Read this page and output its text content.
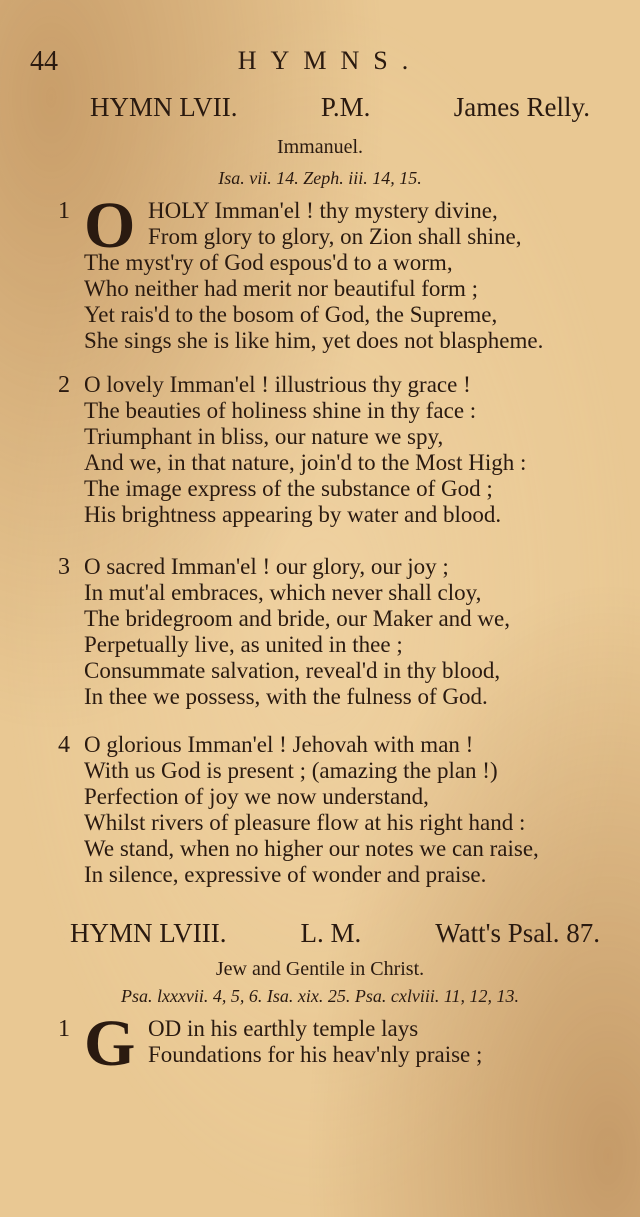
44	HYMNS.
HYMN LVII.	P.M.	James Relly.
Immanuel.
Isa. vii. 14. Zeph. iii. 14, 15.
1 O HOLY Imman'el ! thy mystery divine,
From glory to glory, on Zion shall shine,
The myst'ry of God espous'd to a worm,
Who neither had merit nor beautiful form ;
Yet rais'd to the bosom of God, the Supreme,
She sings she is like him, yet does not blaspheme.
2 O lovely Imman'el ! illustrious thy grace !
The beauties of holiness shine in thy face :
Triumphant in bliss, our nature we spy,
And we, in that nature, join'd to the Most High :
The image express of the substance of God ;
His brightness appearing by water and blood.
3 O sacred Imman'el ! our glory, our joy ;
In mut'al embraces, which never shall cloy,
The bridegroom and bride, our Maker and we,
Perpetually live, as united in thee ;
Consummate salvation, reveal'd in thy blood,
In thee we possess, with the fulness of God.
4 O glorious Imman'el ! Jehovah with man !
With us God is present ; (amazing the plan !)
Perfection of joy we now understand,
Whilst rivers of pleasure flow at his right hand :
We stand, when no higher our notes we can raise,
In silence, expressive of wonder and praise.
HYMN LVIII.	L. M.	Watt's Psal. 87.
Jew and Gentile in Christ.
Psa. lxxxvii. 4, 5, 6. Isa. xix. 25. Psa. cxlviii. 11, 12, 13.
1 G OD in his earthly temple lays
Foundations for his heav'nly praise ;
